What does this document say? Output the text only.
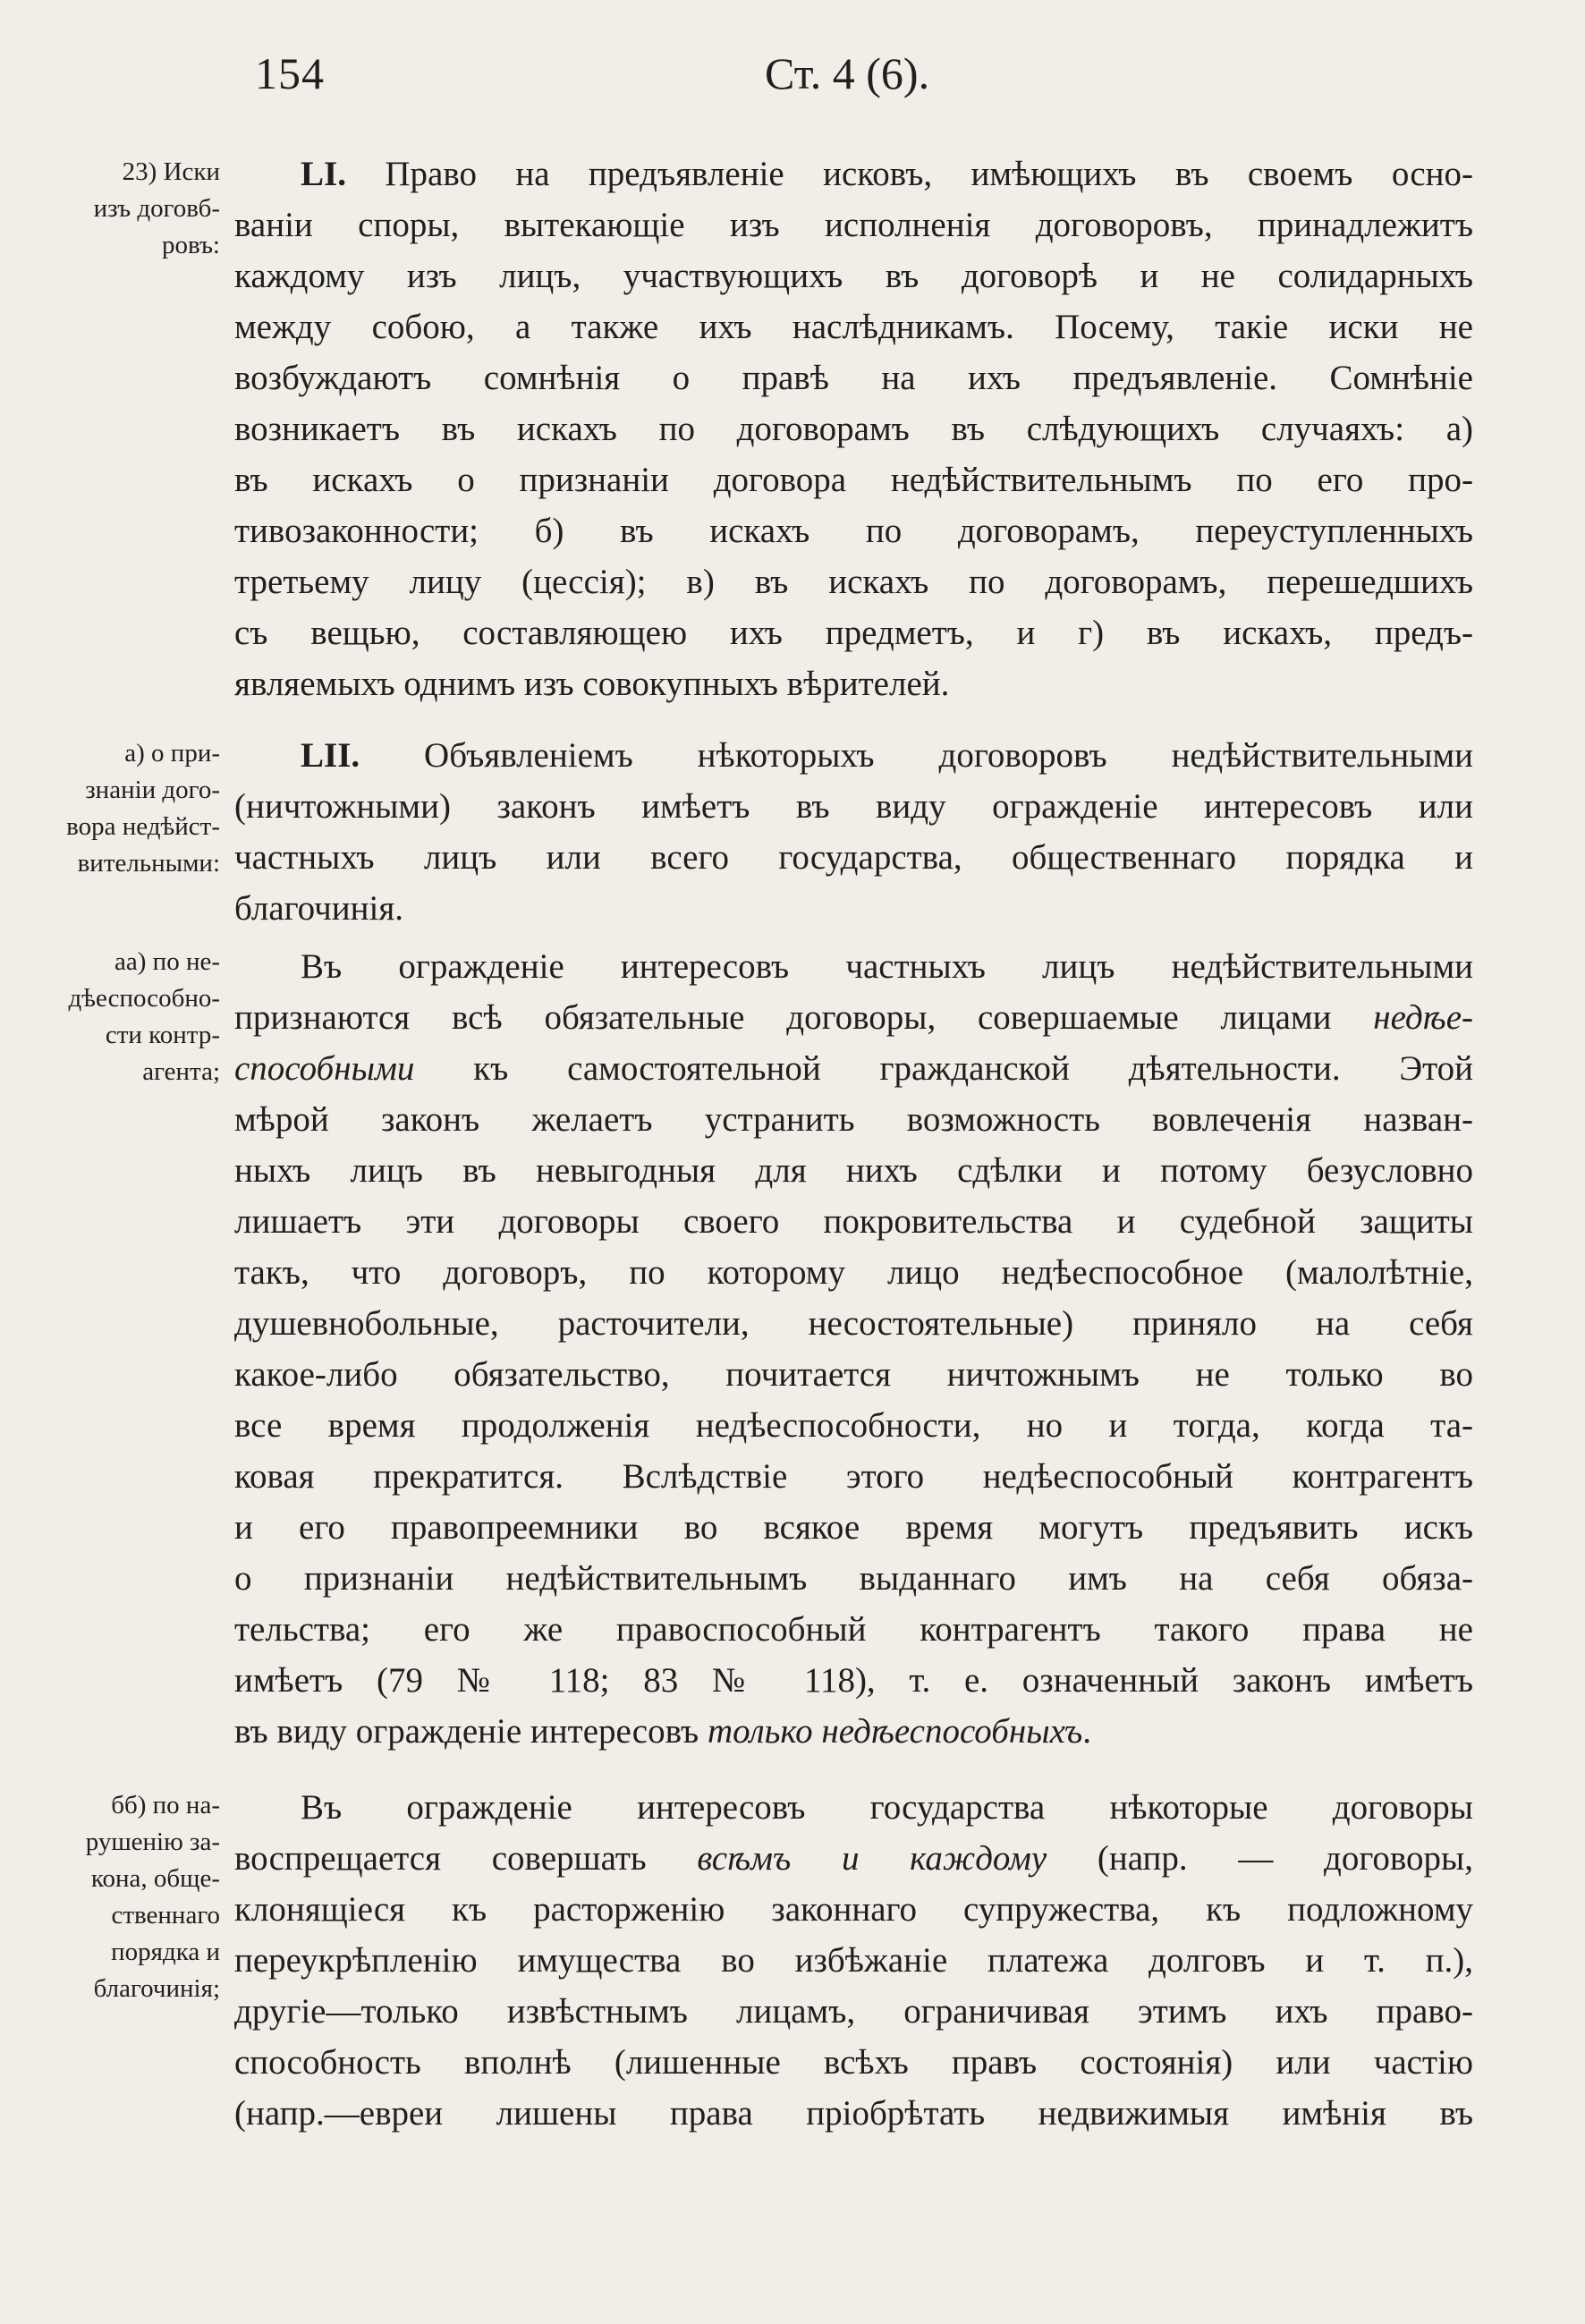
154	Ст. 4 (6).
23) Иски
изъ договб-
ровъ:
а) о при-
знаніи дого-
вора недѣйст-
вительными:
аа) по не-
дѣеспособно-
сти контр-
агента;
бб) по на-
рушенію за-
кона, обще-
ственнаго
порядка и
благочинія;
LI. Право на предъявленіе исковъ, имѣющихъ въ своемъ осно-
ваніи споры, вытекающіе изъ исполненія договоровъ, принадлежитъ
каждому изъ лицъ, участвующихъ въ договорѣ и не солидарныхъ
между собою, а также ихъ наслѣдникамъ. Посему, такіе иски не
возбуждаютъ сомнѣнія о правѣ на ихъ предъявленіе. Сомнѣніе
возникаетъ въ искахъ по договорамъ въ слѣдующихъ случаяхъ: а)
въ искахъ о признаніи договора недѣйствительнымъ по его про-
тивозаконности; б) въ искахъ по договорамъ, переуступленныхъ
третьему лицу (цессія); в) въ искахъ по договорамъ, перешедшихъ
съ вещью, составляющею ихъ предметъ, и г) въ искахъ, предъ-
являемыхъ однимъ изъ совокупныхъ вѣрителей.
LII. Объявленіемъ нѣкоторыхъ договоровъ недѣйствительными
(ничтожными) законъ имѣетъ въ виду огражденіе интересовъ или
частныхъ лицъ или всего государства, общественнаго порядка и
благочинія.
Въ огражденіе интересовъ частныхъ лицъ недѣйствительными
признаются всѣ обязательные договоры, совершаемые лицами недѣе-
способными къ самостоятельной гражданской дѣятельности. Этой
мѣрой законъ желаетъ устранить возможность вовлеченія назван-
ныхъ лицъ въ невыгодныя для нихъ сдѣлки и потому безусловно
лишаетъ эти договоры своего покровительства и судебной защиты
такъ, что договоръ, по которому лицо недѣеспособное (малолѣтніе,
душевнобольные, расточители, несостоятельные) приняло на себя
какое-либо обязательство, почитается ничтожнымъ не только во
все время продолженія недѣеспособности, но и тогда, когда та-
ковая прекратится. Вслѣдствіе этого недѣеспособный контрагентъ
и его правопреемники во всякое время могутъ предъявить искъ
о признаніи недѣйствительнымъ выданнаго имъ на себя обяза-
тельства; его же правоспособный контрагентъ такого права не
имѣетъ (79 № 118; 83 № 118), т. е. означенный законъ имѣетъ
въ виду огражденіе интересовъ только недѣеспособныхъ.
Въ огражденіе интересовъ государства нѣкоторые договоры
воспрещается совершать всѣмъ и каждому (напр. — договоры,
клонящіеся къ расторженію законнаго супружества, къ подложному
переукрѣпленію имущества во избѣжаніе платежа долговъ и т. п.),
другіе—только извѣстнымъ лицамъ, ограничивая этимъ ихъ право-
способность вполнѣ (лишенные всѣхъ правъ состоянія) или частію
(напр.—евреи лишены права пріобрѣтать недвижимыя имѣнія въ
